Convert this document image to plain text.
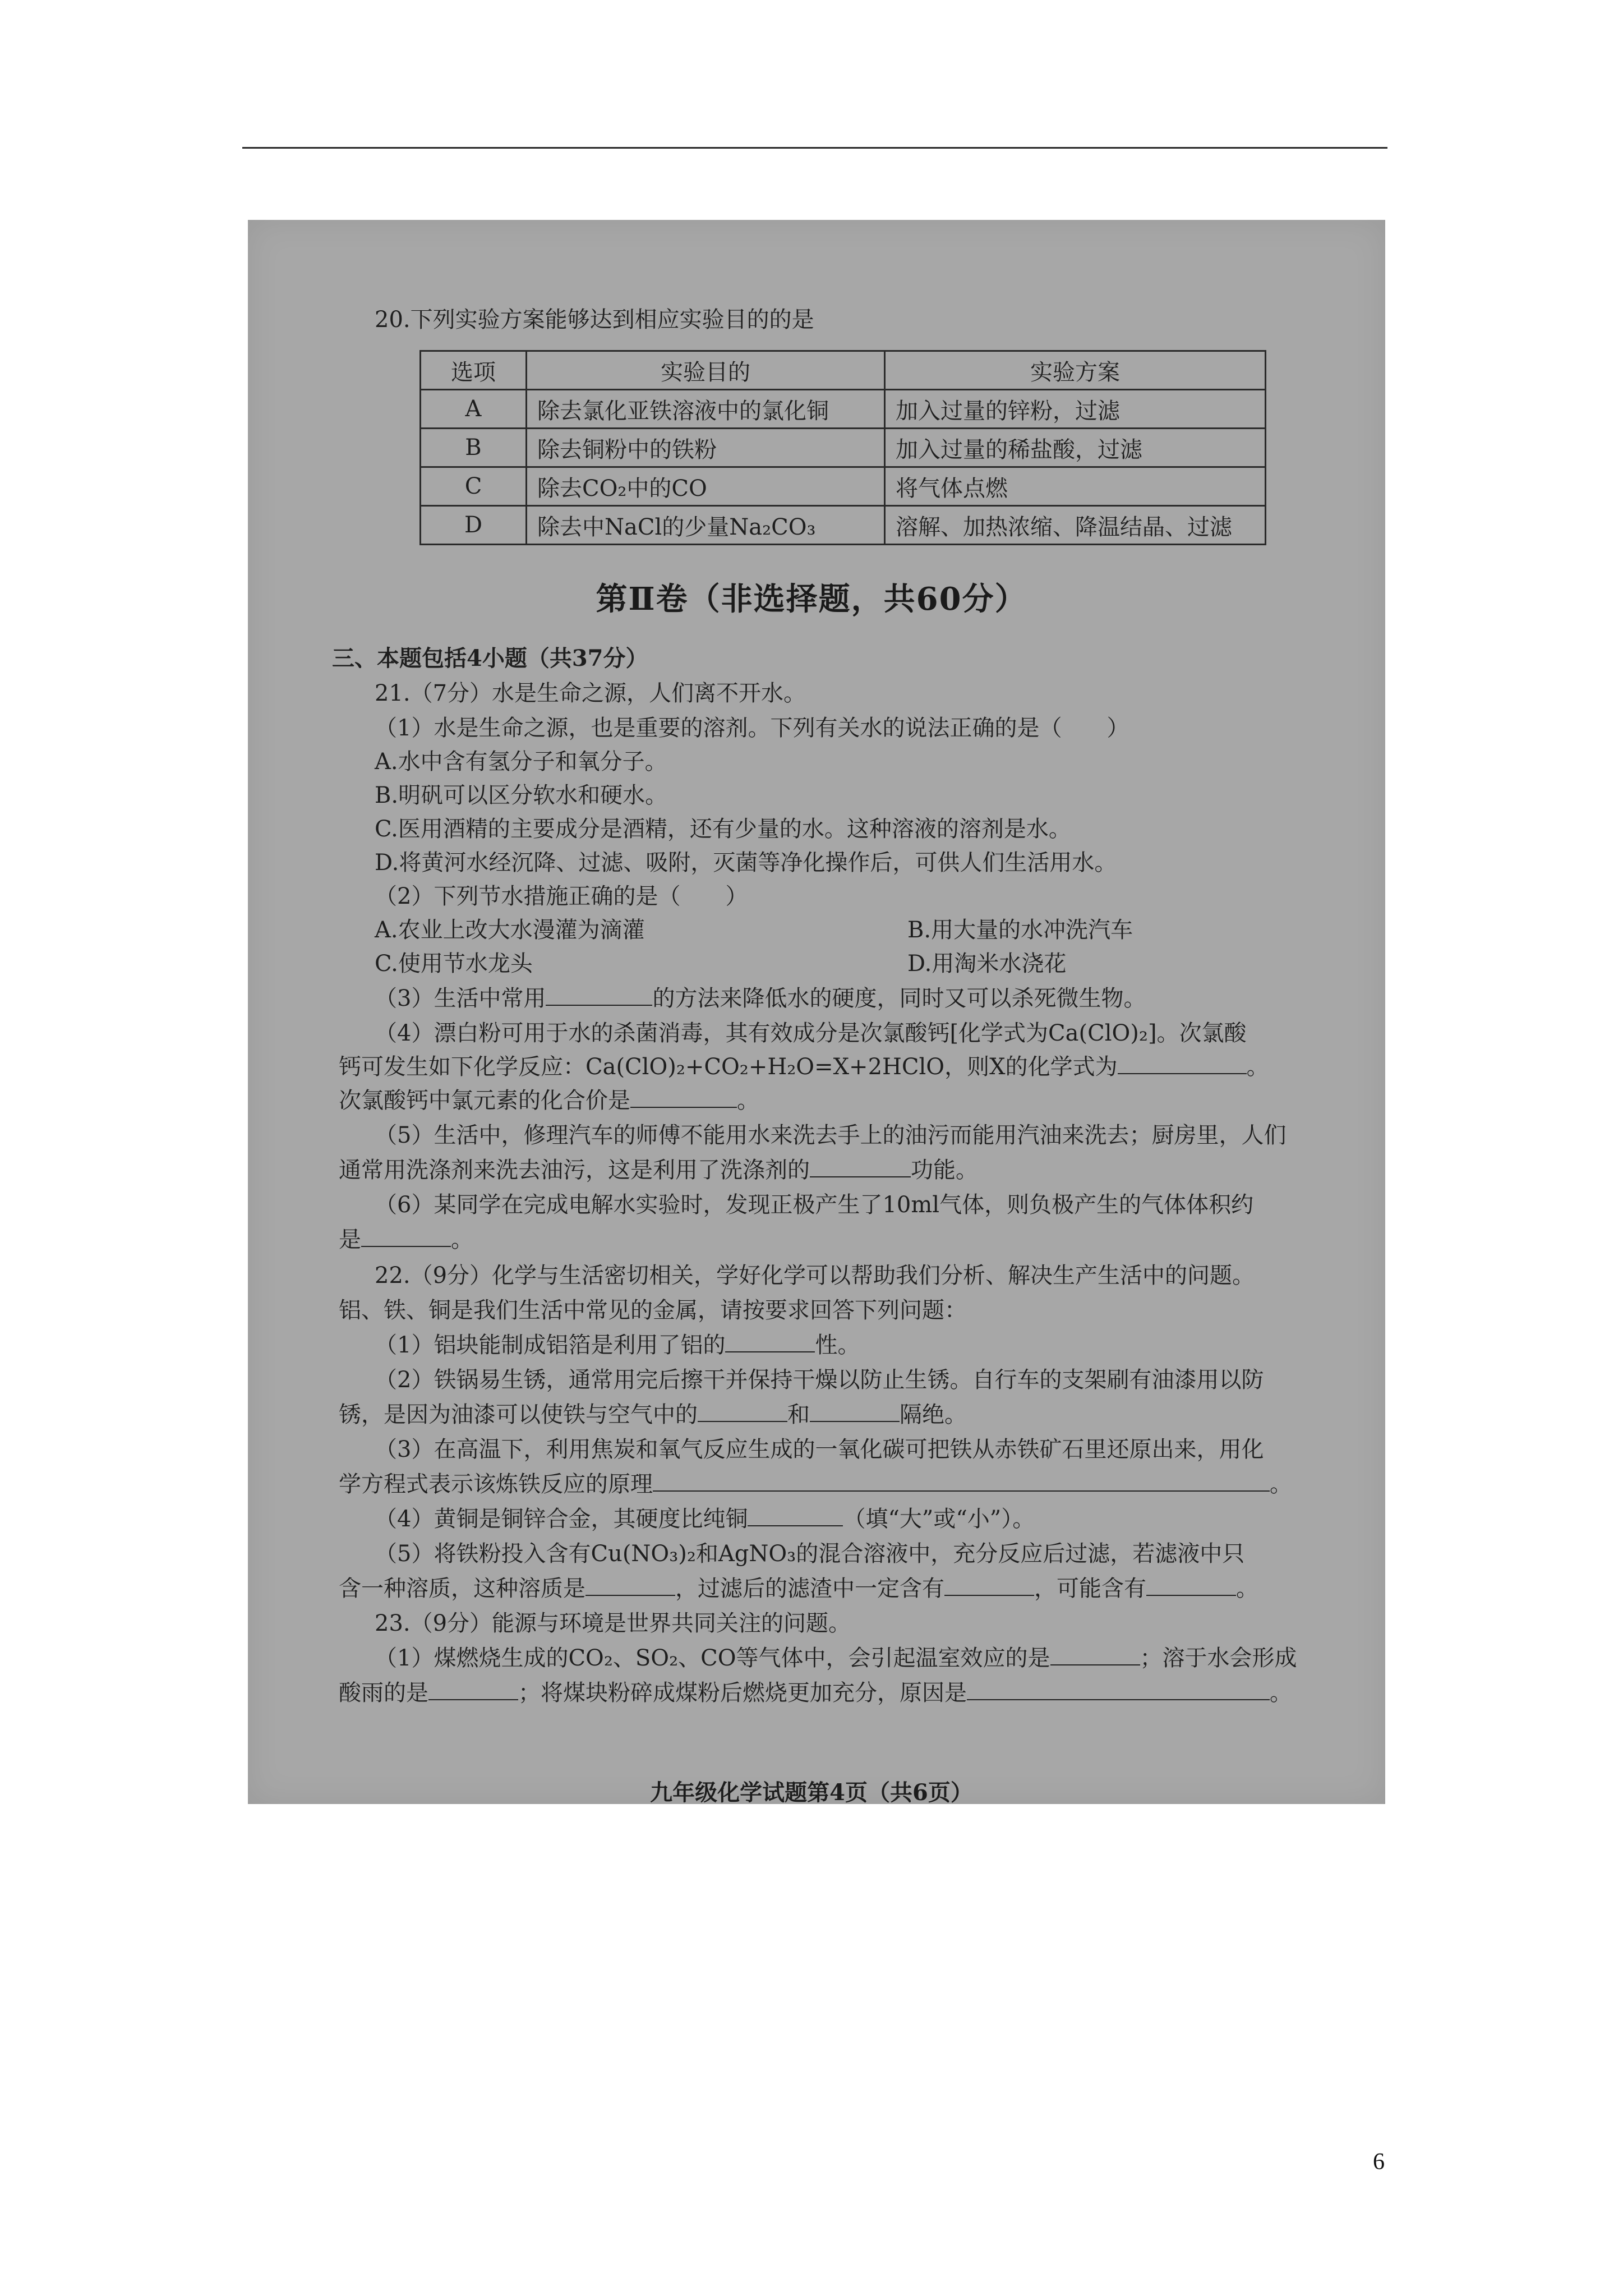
20.下列实验方案能够达到相应实验目的的是
选项	实验目的	实验方案
A	除去氯化亚铁溶液中的氯化铜	加入过量的锌粉，过滤
B	除去铜粉中的铁粉	加入过量的稀盐酸，过滤
C	除去CO₂中的CO	将气体点燃
D	除去中NaCl的少量Na₂CO₃	溶解、加热浓缩、降温结晶、过滤
第Ⅱ卷（非选择题，共60分）
三、本题包括4小题（共37分）
21.（7分）水是生命之源，人们离不开水。
（1）水是生命之源，也是重要的溶剂。下列有关水的说法正确的是（　　）
A.水中含有氢分子和氧分子。
B.明矾可以区分软水和硬水。
C.医用酒精的主要成分是酒精，还有少量的水。这种溶液的溶剂是水。
D.将黄河水经沉降、过滤、吸附，灭菌等净化操作后，可供人们生活用水。
（2）下列节水措施正确的是（　　）
A.农业上改大水漫灌为滴灌	B.用大量的水冲洗汽车
C.使用节水龙头	D.用淘米水浇花
（3）生活中常用	的方法来降低水的硬度，同时又可以杀死微生物。
（4）漂白粉可用于水的杀菌消毒，其有效成分是次氯酸钙[化学式为Ca(ClO)₂]。次氯酸
钙可发生如下化学反应：Ca(ClO)₂+CO₂+H₂O=X+2HClO，则X的化学式为	。
次氯酸钙中氯元素的化合价是	。
（5）生活中，修理汽车的师傅不能用水来洗去手上的油污而能用汽油来洗去；厨房里，人们
通常用洗涤剂来洗去油污，这是利用了洗涤剂的	功能。
（6）某同学在完成电解水实验时，发现正极产生了10ml气体，则负极产生的气体体积约
是	。
22.（9分）化学与生活密切相关，学好化学可以帮助我们分析、解决生产生活中的问题。
铝、铁、铜是我们生活中常见的金属，请按要求回答下列问题：
（1）铝块能制成铝箔是利用了铝的	性。
（2）铁锅易生锈，通常用完后擦干并保持干燥以防止生锈。自行车的支架刷有油漆用以防
锈，是因为油漆可以使铁与空气中的	和	隔绝。
（3）在高温下，利用焦炭和氧气反应生成的一氧化碳可把铁从赤铁矿石里还原出来，用化
学方程式表示该炼铁反应的原理	。
（4）黄铜是铜锌合金，其硬度比纯铜	（填“大”或“小”）。
（5）将铁粉投入含有Cu(NO₃)₂和AgNO₃的混合溶液中，充分反应后过滤，若滤液中只
含一种溶质，这种溶质是	，过滤后的滤渣中一定含有	，可能含有	。
23.（9分）能源与环境是世界共同关注的问题。
（1）煤燃烧生成的CO₂、SO₂、CO等气体中，会引起温室效应的是	；溶于水会形成
酸雨的是	；将煤块粉碎成煤粉后燃烧更加充分，原因是	。
九年级化学试题第4页（共6页）
6
